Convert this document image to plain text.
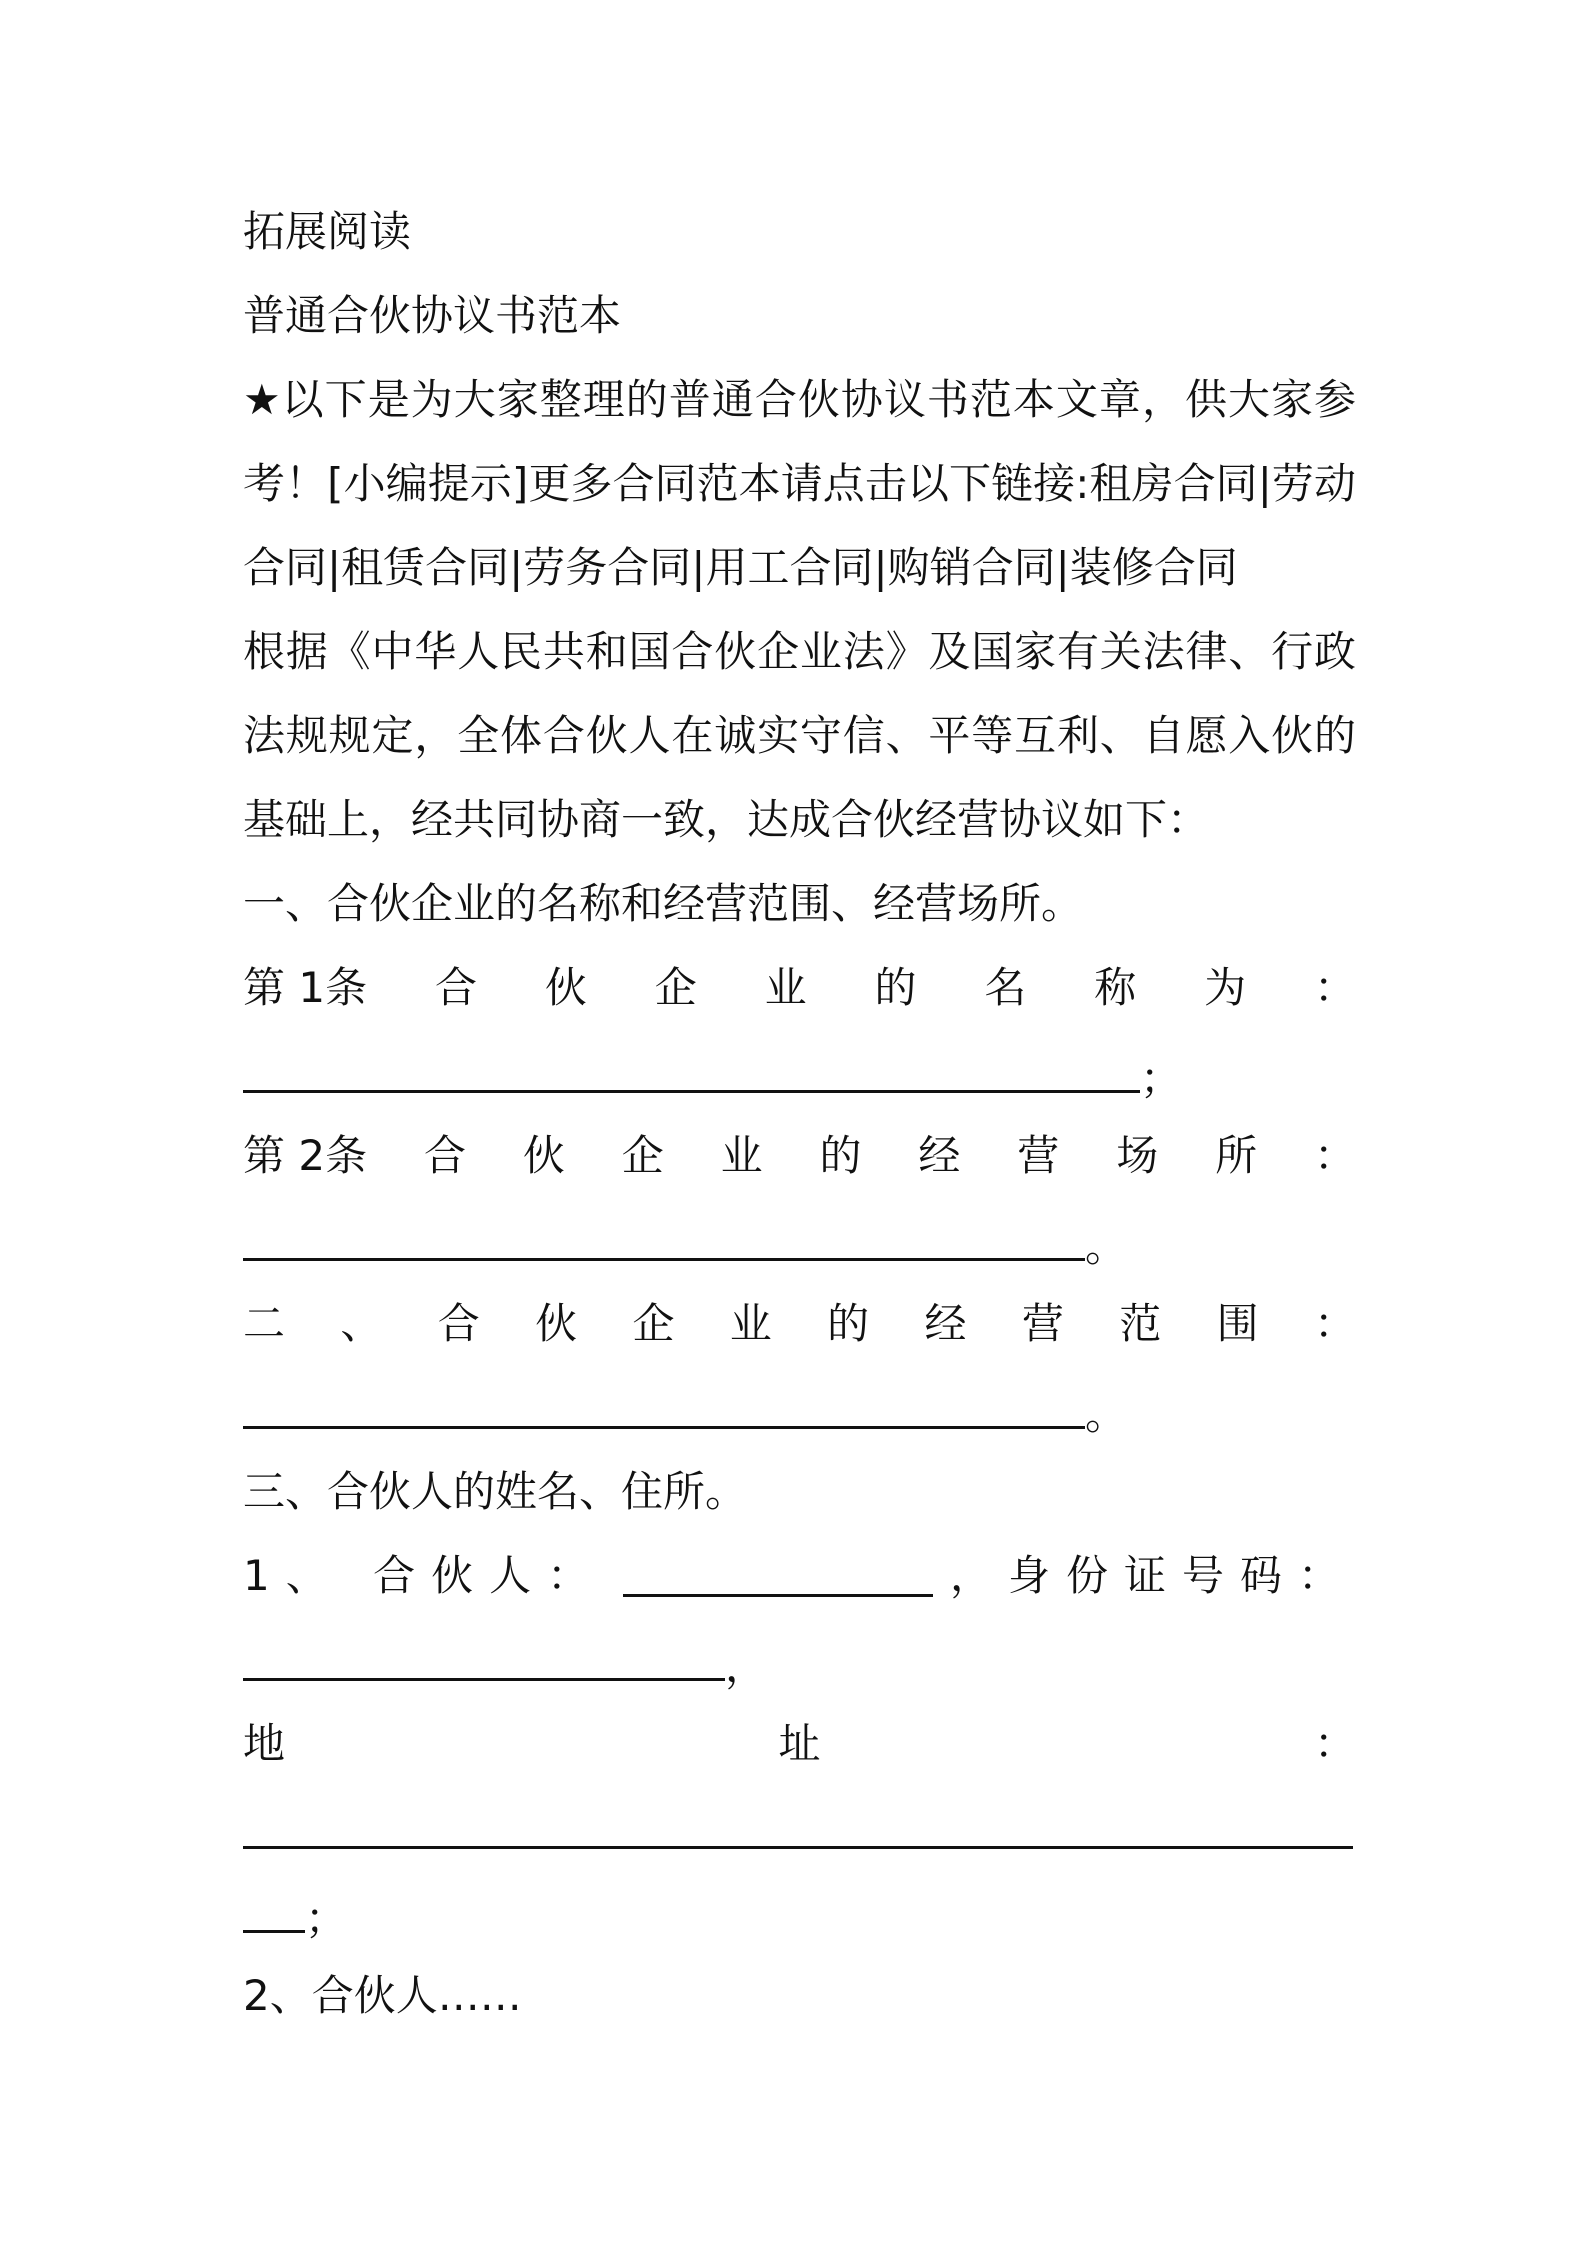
拓展阅读
普通合伙协议书范本
★以下是为大家整理的普通合伙协议书范本文章，供大家参考！[小编提示]更多合同范本请点击以下链接:租房合同|劳动合同|租赁合同|劳务合同|用工合同|购销合同|装修合同
根据《中华人民共和国合伙企业法》及国家有关法律、行政法规规定，全体合伙人在诚实守信、平等互利、自愿入伙的基础上，经共同协商一致，达成合伙经营协议如下：
一、合伙企业的名称和经营范围、经营场所。
第 1条 合 伙 企 业 的 名 称 为 ：
；
第 2条 合 伙 企 业 的 经 营 场 所 ：
。
二 、 合 伙 企 业 的 经 营 范 围 ：
。
三、合伙人的姓名、住所。
1、 合伙人：	，身份证号码：
，
地	址	：
；
2、合伙人……
